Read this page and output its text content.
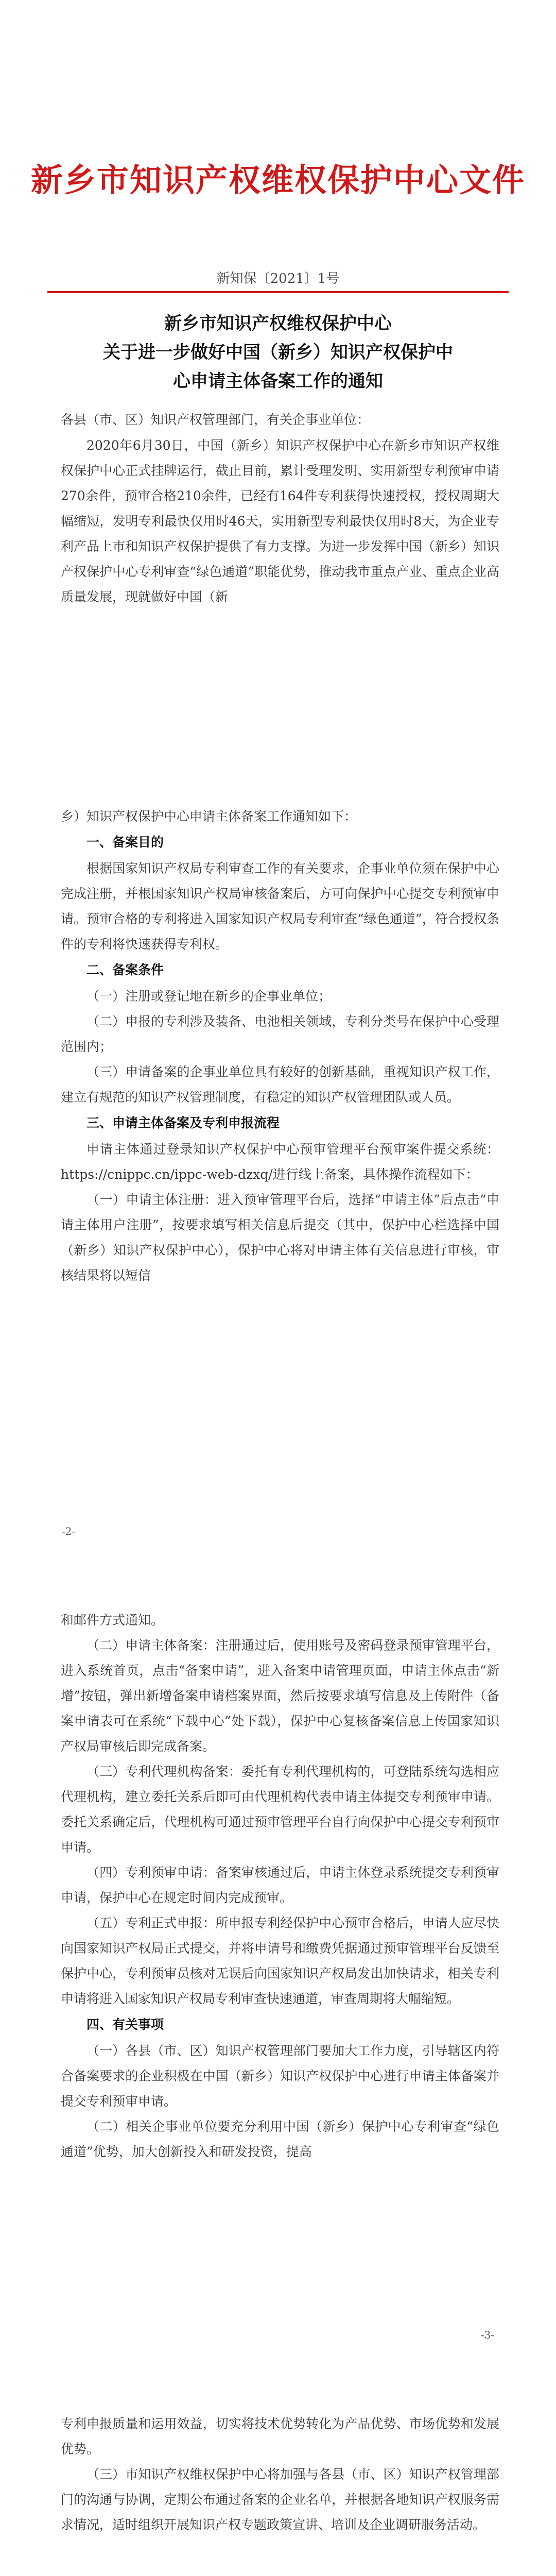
新乡市知识产权维权保护中心文件
新知保〔2021〕1号
新乡市知识产权维权保护中心
关于进一步做好中国（新乡）知识产权保护中
心申请主体备案工作的通知
各县（市、区）知识产权管理部门，有关企事业单位：
2020年6月30日，中国（新乡）知识产权保护中心在新乡市知识产权维权保护中心正式挂牌运行，截止目前，累计受理发明、实用新型专利预审申请270余件，预审合格210余件，已经有164件专利获得快速授权，授权周期大幅缩短，发明专利最快仅用时46天，实用新型专利最快仅用时8天，为企业专利产品上市和知识产权保护提供了有力支撑。为进一步发挥中国（新乡）知识产权保护中心专利审查“绿色通道”职能优势，推动我市重点产业、重点企业高质量发展，现就做好中国（新
乡）知识产权保护中心申请主体备案工作通知如下：
一、备案目的
根据国家知识产权局专利审查工作的有关要求，企事业单位须在保护中心完成注册，并根国家知识产权局审核备案后，方可向保护中心提交专利预审申请。预审合格的专利将进入国家知识产权局专利审查“绿色通道”，符合授权条件的专利将快速获得专利权。
二、备案条件
（一）注册或登记地在新乡的企事业单位；
（二）申报的专利涉及装备、电池相关领域，专利分类号在保护中心受理范围内；
（三）申请备案的企事业单位具有较好的创新基础，重视知识产权工作，建立有规范的知识产权管理制度，有稳定的知识产权管理团队或人员。
三、申请主体备案及专利申报流程
申请主体通过登录知识产权保护中心预审管理平台预审案件提交系统：https://cnippc.cn/ippc-web-dzxq/进行线上备案，具体操作流程如下：
（一）申请主体注册：进入预审管理平台后，选择“申请主体”后点击“申请主体用户注册”，按要求填写相关信息后提交（其中，保护中心栏选择中国（新乡）知识产权保护中心），保护中心将对申请主体有关信息进行审核，审核结果将以短信
-2-
和邮件方式通知。
（二）申请主体备案：注册通过后，使用账号及密码登录预审管理平台，进入系统首页，点击“备案申请”，进入备案申请管理页面，申请主体点击“新增”按钮，弹出新增备案申请档案界面，然后按要求填写信息及上传附件（备案申请表可在系统“下载中心”处下载），保护中心复核备案信息上传国家知识产权局审核后即完成备案。
（三）专利代理机构备案：委托有专利代理机构的，可登陆系统勾选相应代理机构，建立委托关系后即可由代理机构代表申请主体提交专利预审申请。委托关系确定后，代理机构可通过预审管理平台自行向保护中心提交专利预审申请。
（四）专利预审申请：备案审核通过后，申请主体登录系统提交专利预审申请，保护中心在规定时间内完成预审。
（五）专利正式申报：所申报专利经保护中心预审合格后，申请人应尽快向国家知识产权局正式提交，并将申请号和缴费凭据通过预审管理平台反馈至保护中心，专利预审员核对无误后向国家知识产权局发出加快请求，相关专利申请将进入国家知识产权局专利审查快速通道，审查周期将大幅缩短。
四、有关事项
（一）各县（市、区）知识产权管理部门要加大工作力度，引导辖区内符合备案要求的企业积极在中国（新乡）知识产权保护中心进行申请主体备案并提交专利预审申请。
（二）相关企事业单位要充分利用中国（新乡）保护中心专利审查“绿色通道”优势，加大创新投入和研发投资，提高
-3-
专利申报质量和运用效益，切实将技术优势转化为产品优势、市场优势和发展优势。
（三）市知识产权维权保护中心将加强与各县（市、区）知识产权管理部门的沟通与协调，定期公布通过备案的企业名单，并根据各地知识产权服务需求情况，适时组织开展知识产权专题政策宣讲、培训及企业调研服务活动。
